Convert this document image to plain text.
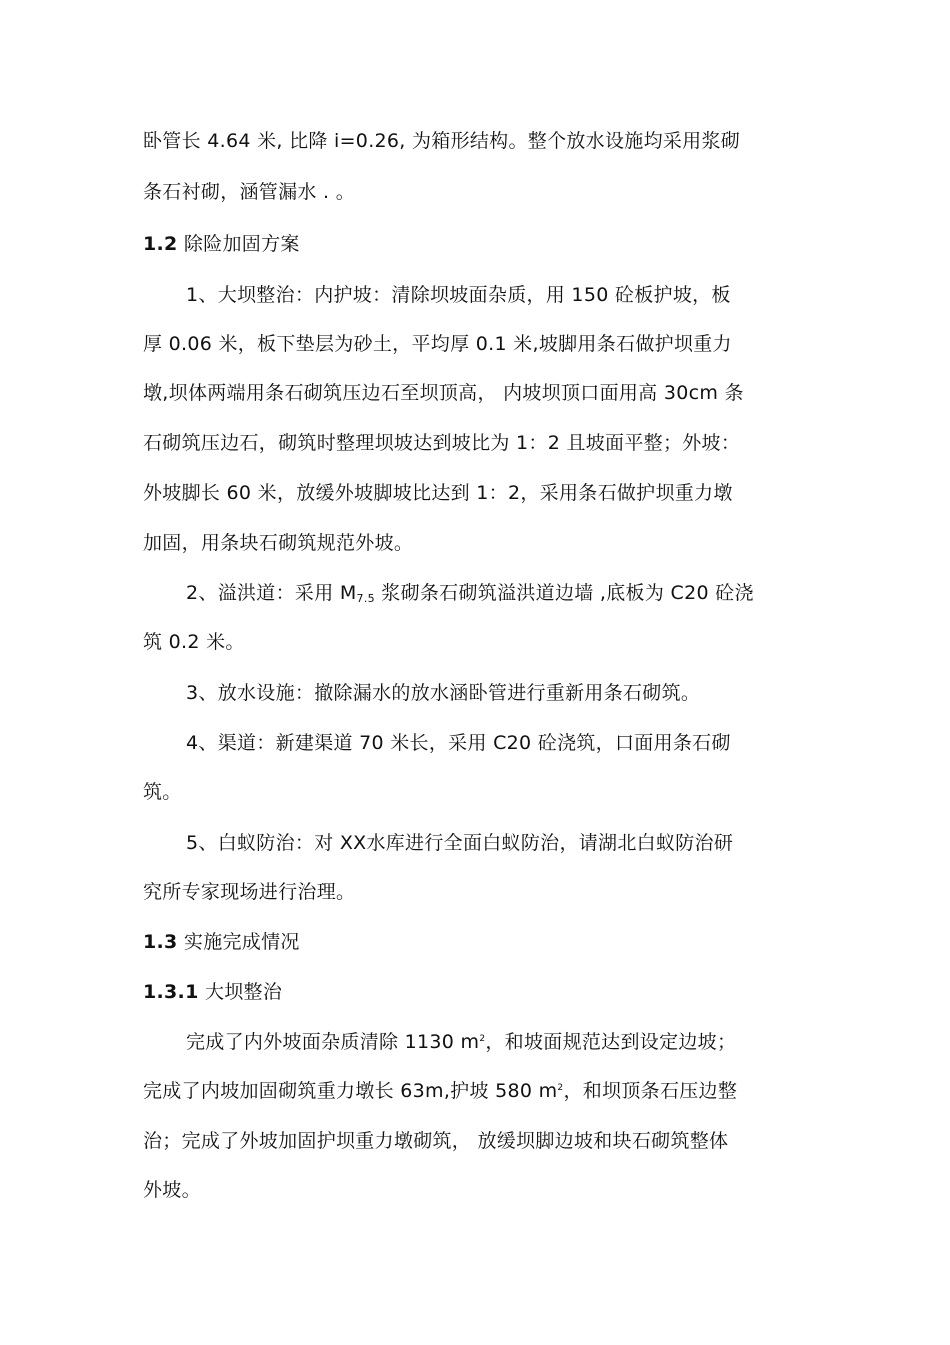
卧管长 4.64 米, 比降 i=0.26, 为箱形结构。整个放水设施均采用浆砌
条石衬砌，涵管漏水 . 。
1.2 除险加固方案
1、大坝整治：内护坡：清除坝坡面杂质，用 150 砼板护坡，板
厚 0.06 米，板下垫层为砂土，平均厚 0.1 米,坡脚用条石做护坝重力
墩,坝体两端用条石砌筑压边石至坝顶高， 内坡坝顶口面用高 30cm 条
石砌筑压边石，砌筑时整理坝坡达到坡比为 1：2 且坡面平整；外坡：
外坡脚长 60 米，放缓外坡脚坡比达到 1：2，采用条石做护坝重力墩
加固，用条块石砌筑规范外坡。
2、溢洪道：采用 $M_{7.5}$ 浆砌条石砌筑溢洪道边墙 ,底板为 C20 砼浇
筑 0.2 米。
3、放水设施：撤除漏水的放水涵卧管进行重新用条石砌筑。
4、渠道：新建渠道 70 米长，采用 C20 砼浇筑，口面用条石砌
筑。
5、白蚁防治：对 XX水库进行全面白蚁防治，请湖北白蚁防治研
究所专家现场进行治理。
1.3 实施完成情况
1.3.1 大坝整治
完成了内外坡面杂质清除 1130 $m^2$，和坡面规范达到设定边坡；
完成了内坡加固砌筑重力墩长 63m,护坡 580 $m^2$，和坝顶条石压边整
治；完成了外坡加固护坝重力墩砌筑， 放缓坝脚边坡和块石砌筑整体
外坡。
